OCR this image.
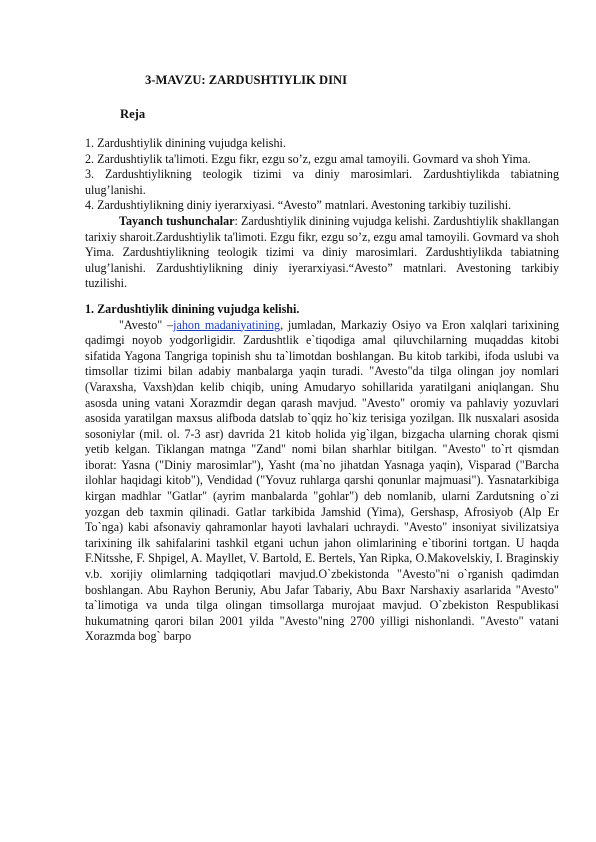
3-MAVZU: ZARDUSHTIYLIK DINI
Reja

1. Zardushtiylik dinining vujudga kelishi.

2. Zardushtiylik ta'limoti. Ezgu fikr, ezgu so’z, ezgu amal tamoyili. Govmard va shoh Yima.

3. Zardushtiylikning teologik tizimi va diniy marosimlari. Zardushtiylikda tabiatning ulug’lanishi.

4. Zardushtiylikning diniy iyerarxiyasi. “Avesto” matnlari. Avestoning tarkibiy tuzilishi.

Tayanch tushunchalar: Zardushtiylik dinining vujudga kelishi. Zardushtiylik shakllangan tarixiy sharoit.Zardushtiylik ta'limoti. Ezgu fikr, ezgu so’z, ezgu amal tamoyili. Govmard va shoh Yima. Zardushtiylikning teologik tizimi va diniy marosimlari. Zardushtiylikda tabiatning ulug’lanishi. Zardushtiylikning diniy iyerarxiyasi.“Avesto” matnlari. Avestoning tarkibiy tuzilishi.

1. Zardushtiylik dinining vujudga kelishi.

"Avesto" –jahon madaniyatining, jumladan, Markaziy Osiyo va Eron xalqlari tarixining qadimgi noyob yodgorligidir. Zardushtlik e`tiqodiga amal qiluvchilarning muqaddas kitobi sifatida Yagona Tangriga topinish shu ta`limotdan boshlangan. Bu kitob tarkibi, ifoda uslubi va timsollar tizimi bilan adabiy manbalarga yaqin turadi. "Avesto"da tilga olingan joy nomlari (Varaxsha, Vaxsh)dan kelib chiqib, uning Amudaryo sohillarida yaratilgani aniqlangan. Shu asosda uning vatani Xorazmdir degan qarash mavjud. "Avesto" oromiy va pahlaviy yozuvlari asosida yaratilgan maxsus alifboda datslab to`qqiz ho`kiz terisiga yozilgan. Ilk nusxalari asosida sosoniylar (mil. ol. 7-3 asr) davrida 21 kitob holida yig`ilgan, bizgacha ularning chorak qismi yetib kelgan. Tiklangan matnga "Zand" nomi bilan sharhlar bitilgan. "Avesto" to`rt qismdan iborat: Yasna ("Diniy marosimlar"), Yasht (ma`no jihatdan Yasnaga yaqin), Visparad ("Barcha ilohlar haqidagi kitob"), Vendidad ("Yovuz ruhlarga qarshi qonunlar majmuasi"). Yasnatarkibiga kirgan madhlar "Gatlar" (ayrim manbalarda "gohlar") deb nomlanib, ularni Zardutsning o`zi yozgan deb taxmin qilinadi. Gatlar tarkibida Jamshid (Yima), Gershasp, Afrosiyob (Alp Er To`nga) kabi afsonaviy qahramonlar hayoti lavhalari uchraydi. "Avesto" insoniyat sivilizatsiya tarixining ilk sahifalarini tashkil etgani uchun jahon olimlarining e`tiborini tortgan. U haqda F.Nitsshe, F. Shpigel, A. Mayllet, V. Bartold, E. Bertels, Yan Ripka, O.Makovelskiy, I. Braginskiy v.b. xorijiy olimlarning tadqiqotlari mavjud.O`zbekistonda "Avesto"ni o`rganish qadimdan boshlangan. Abu Rayhon Beruniy, Abu Jafar Tabariy, Abu Baxr Narshaxiy asarlarida "Avesto" ta`limotiga va unda tilga olingan timsollarga murojaat mavjud. O`zbekiston Respublikasi hukumatning qarori bilan 2001 yilda "Avesto"ning 2700 yilligi nishonlandi. "Avesto" vatani Xorazmda bog` barpo
